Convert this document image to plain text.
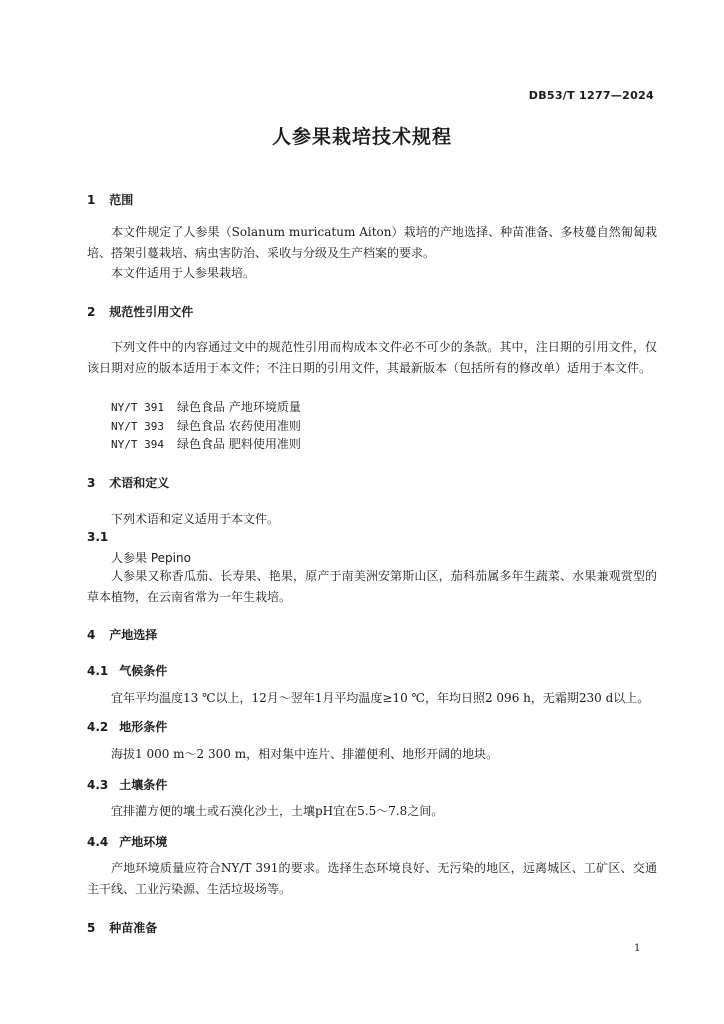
DB53/T 1277—2024
人参果栽培技术规程
1 范围
本文件规定了人参果（Solanum muricatum Aiton）栽培的产地选择、种苗准备、多枝蔓自然匍匐栽培、搭架引蔓栽培、病虫害防治、采收与分级及生产档案的要求。
本文件适用于人参果栽培。
2 规范性引用文件
下列文件中的内容通过文中的规范性引用而构成本文件必不可少的条款。其中，注日期的引用文件，仅该日期对应的版本适用于本文件；不注日期的引用文件，其最新版本（包括所有的修改单）适用于本文件。
NY/T 391 绿色食品 产地环境质量
NY/T 393 绿色食品 农药使用准则
NY/T 394 绿色食品 肥料使用准则
3 术语和定义
下列术语和定义适用于本文件。
3.1
人参果 Pepino
人参果又称香瓜茄、长寿果、艳果，原产于南美洲安第斯山区，茄科茄属多年生蔬菜、水果兼观赏型的草本植物，在云南省常为一年生栽培。
4 产地选择
4.1 气候条件
宜年平均温度13 ℃以上，12月～翌年1月平均温度≥10 ℃，年均日照2 096 h，无霜期230 d以上。
4.2 地形条件
海拔1 000 m～2 300 m，相对集中连片、排灌便利、地形开阔的地块。
4.3 土壤条件
宜排灌方便的壤土或石漠化沙土，土壤pH宜在5.5～7.8之间。
4.4 产地环境
产地环境质量应符合NY/T 391的要求。选择生态环境良好、无污染的地区，远离城区、工矿区、交通主干线、工业污染源、生活垃圾场等。
5 种苗准备
1
